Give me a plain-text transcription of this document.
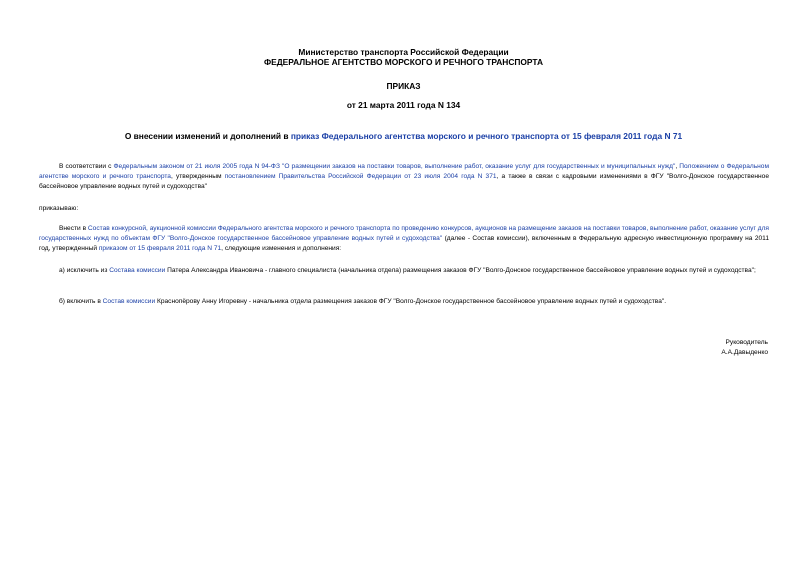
Министерство транспорта Российской Федерации
ФЕДЕРАЛЬНОЕ АГЕНТСТВО МОРСКОГО И РЕЧНОГО ТРАНСПОРТА
ПРИКАЗ
от 21 марта 2011 года N 134
О внесении изменений и дополнений в приказ Федерального агентства морского и речного транспорта от 15 февраля 2011 года N 71
В соответствии с Федеральным законом от 21 июля 2005 года N 94-ФЗ "О размещении заказов на поставки товаров, выполнение работ, оказание услуг для государственных и муниципальных нужд", Положением о Федеральном агентстве морского и речного транспорта, утвержденным постановлением Правительства Российской Федерации от 23 июля 2004 года N 371, а также в связи с кадровыми изменениями в ФГУ "Волго-Донское государственное бассейновое управление водных путей и судоходства"
приказываю:
Внести в Состав конкурсной, аукционной комиссии Федерального агентства морского и речного транспорта по проведению конкурсов, аукционов на размещение заказов на поставки товаров, выполнение работ, оказание услуг для государственных нужд по объектам ФГУ "Волго-Донское государственное бассейновое управление водных путей и судоходства" (далее - Состав комиссии), включенным в Федеральную адресную инвестиционную программу на 2011 год, утвержденный приказом от 15 февраля 2011 года N 71, следующие изменения и дополнения:
а) исключить из Состава комиссии Патера Александра Ивановича - главного специалиста (начальника отдела) размещения заказов ФГУ "Волго-Донское государственное бассейновое управление водных путей и судоходства";
б) включить в Состав комиссии Краснопёрову Анну Игоревну - начальника отдела размещения заказов ФГУ "Волго-Донское государственное бассейновое управление водных путей и судоходства".
Руководитель
А.А.Давыденко
